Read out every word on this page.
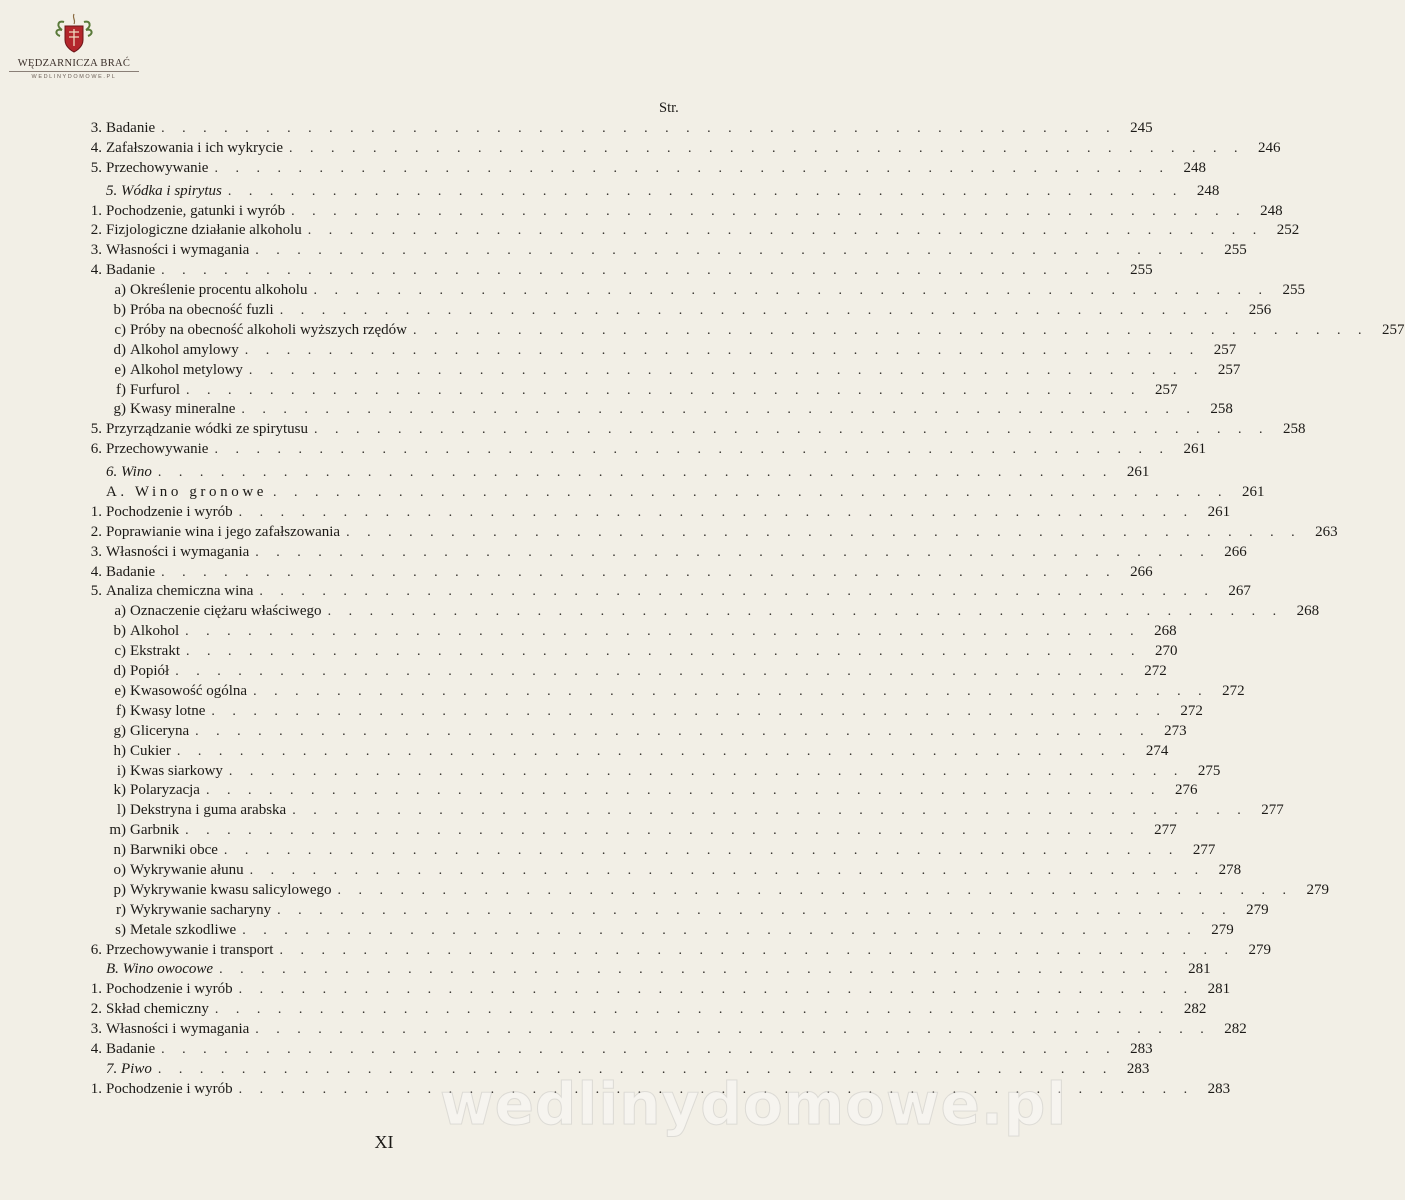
WĘDZARNICZA BRAĆ
WEDLINYDOMOWE.PL
Str.
3. Badanie . . .	245
4. Zafałszowania i ich wykrycie . . .	246
5. Przechowywanie . . .	248
5. Wódka i spirytus . . .	248
1. Pochodzenie, gatunki i wyrób . . .	248
2. Fizjologiczne działanie alkoholu . . .	252
3. Własności i wymagania . . .	255
4. Badanie . . .	255
a) Określenie procentu alkoholu . . .	255
b) Próba na obecność fuzli . . .	256
c) Próby na obecność alkoholi wyższych rzędów . . .	257
d) Alkohol amylowy . . .	257
e) Alkohol metylowy . . .	257
f) Furfurol . . .	257
g) Kwasy mineralne . . .	258
5. Przyrządzanie wódki ze spirytusu . . .	258
6. Przechowywanie . . .	261
6. Wino . . .	261
A. Wino gronowe . . .	261
1. Pochodzenie i wyrób . . .	261
2. Poprawianie wina i jego zafałszowania . . .	263
3. Własności i wymagania . . .	266
4. Badanie . . .	266
5. Analiza chemiczna wina . . .	267
a) Oznaczenie ciężaru właściwego . . .	268
b) Alkohol . . .	268
c) Ekstrakt . . .	270
d) Popiół . . .	272
e) Kwasowość ogólna . . .	272
f) Kwasy lotne . . .	272
g) Gliceryna . . .	273
h) Cukier . . .	274
i) Kwas siarkowy . . .	275
k) Polaryzacja . . .	276
l) Dekstryna i guma arabska . . .	277
m) Garbnik . . .	277
n) Barwniki obce . . .	277
o) Wykrywanie ałunu . . .	278
p) Wykrywanie kwasu salicylowego . . .	279
r) Wykrywanie sacharyny . . .	279
s) Metale szkodliwe . . .	279
6. Przechowywanie i transport . . .	279
B. Wino owocowe . . .	281
1. Pochodzenie i wyrób . . .	281
2. Skład chemiczny . . .	282
3. Własności i wymagania . . .	282
4. Badanie . . .	283
7. Piwo . . .	283
1. Pochodzenie i wyrób . . .	283
XI
wedlinydomowe.pl
